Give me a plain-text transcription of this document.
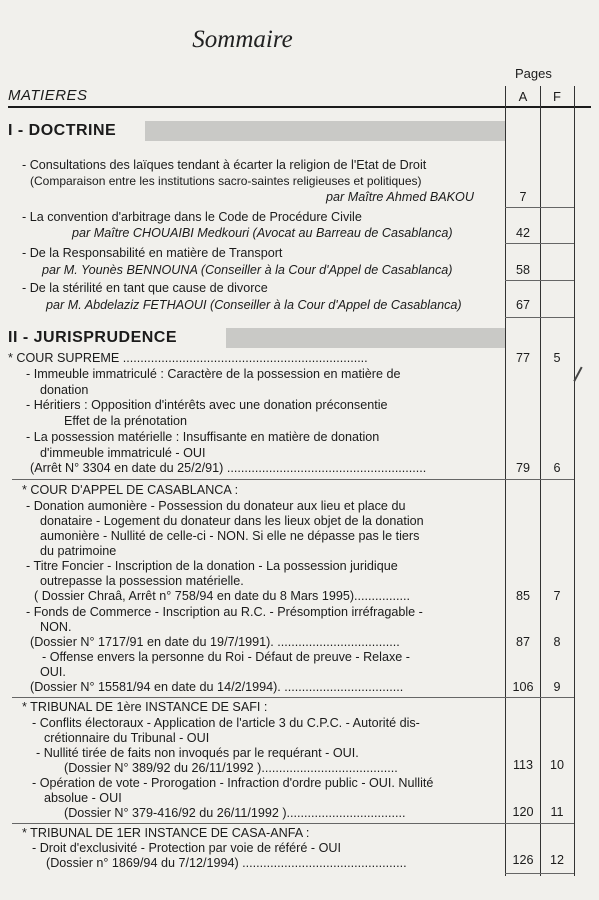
Sommaire
Pages
MATIERES	A	F
I - DOCTRINE
- Consultations des laïques tendant à écarter la religion de l'Etat de Droit
(Comparaison entre les institutions sacro-saintes religieuses et politiques)
par Maître Ahmed BAKOU	7
- La convention d'arbitrage dans le Code de Procédure Civile
par Maître CHOUAIBI Medkouri (Avocat au Barreau de Casablanca)	42
- De la Responsabilité en matière de Transport
par M. Younès BENNOUNA (Conseiller à la Cour d'Appel de Casablanca)	58
- De la stérilité en tant que cause de divorce
par M. Abdelaziz FETHAOUI (Conseiller à la Cour d'Appel de Casablanca)	67
II - JURISPRUDENCE
* COUR SUPREME ......................................................................	77	5
- Immeuble immatriculé : Caractère de la possession en matière de
donation
- Héritiers : Opposition d'intérêts avec une donation préconsentie
Effet de la prénotation
- La possession matérielle : Insuffisante en matière de donation
d'immeuble immatriculé - OUI
(Arrêt N° 3304 en date du 25/2/91) .........................................................	79	6
* COUR D'APPEL DE CASABLANCA :
- Donation aumonière - Possession du donateur aux lieu et place du
donataire - Logement du donateur dans les lieux objet de la donation
aumonière - Nullité de celle-ci - NON. Si elle ne dépasse pas le tiers
du patrimoine
- Titre Foncier - Inscription de la donation - La possession juridique
outrepasse la possession matérielle.
( Dossier Chraâ, Arrêt n° 758/94 en date du 8 Mars 1995)................	85	7
- Fonds de Commerce - Inscription au R.C. - Présomption irréfragable -
NON.
(Dossier N° 1717/91 en date du 19/7/1991). ...................................	87	8
- Offense envers la personne du Roi - Défaut de preuve - Relaxe -
OUI.
(Dossier N° 15581/94 en date du 14/2/1994). ..................................	106	9
* TRIBUNAL DE 1ère INSTANCE DE SAFI :
- Conflits électoraux - Application de l'article 3 du C.P.C. - Autorité dis-
crétionnaire du Tribunal - OUI
- Nullité tirée de faits non invoqués par le requérant - OUI.
(Dossier N° 389/92 du 26/11/1992 ).......................................	113	10
- Opération de vote - Prorogation - Infraction d'ordre public - OUI. Nullité
absolue - OUI
(Dossier N° 379-416/92 du 26/11/1992 )..................................	120	11
* TRIBUNAL DE 1ER INSTANCE DE CASA-ANFA :
- Droit d'exclusivité - Protection par voie de référé - OUI
(Dossier n° 1869/94 du 7/12/1994) ...............................................	126	12
